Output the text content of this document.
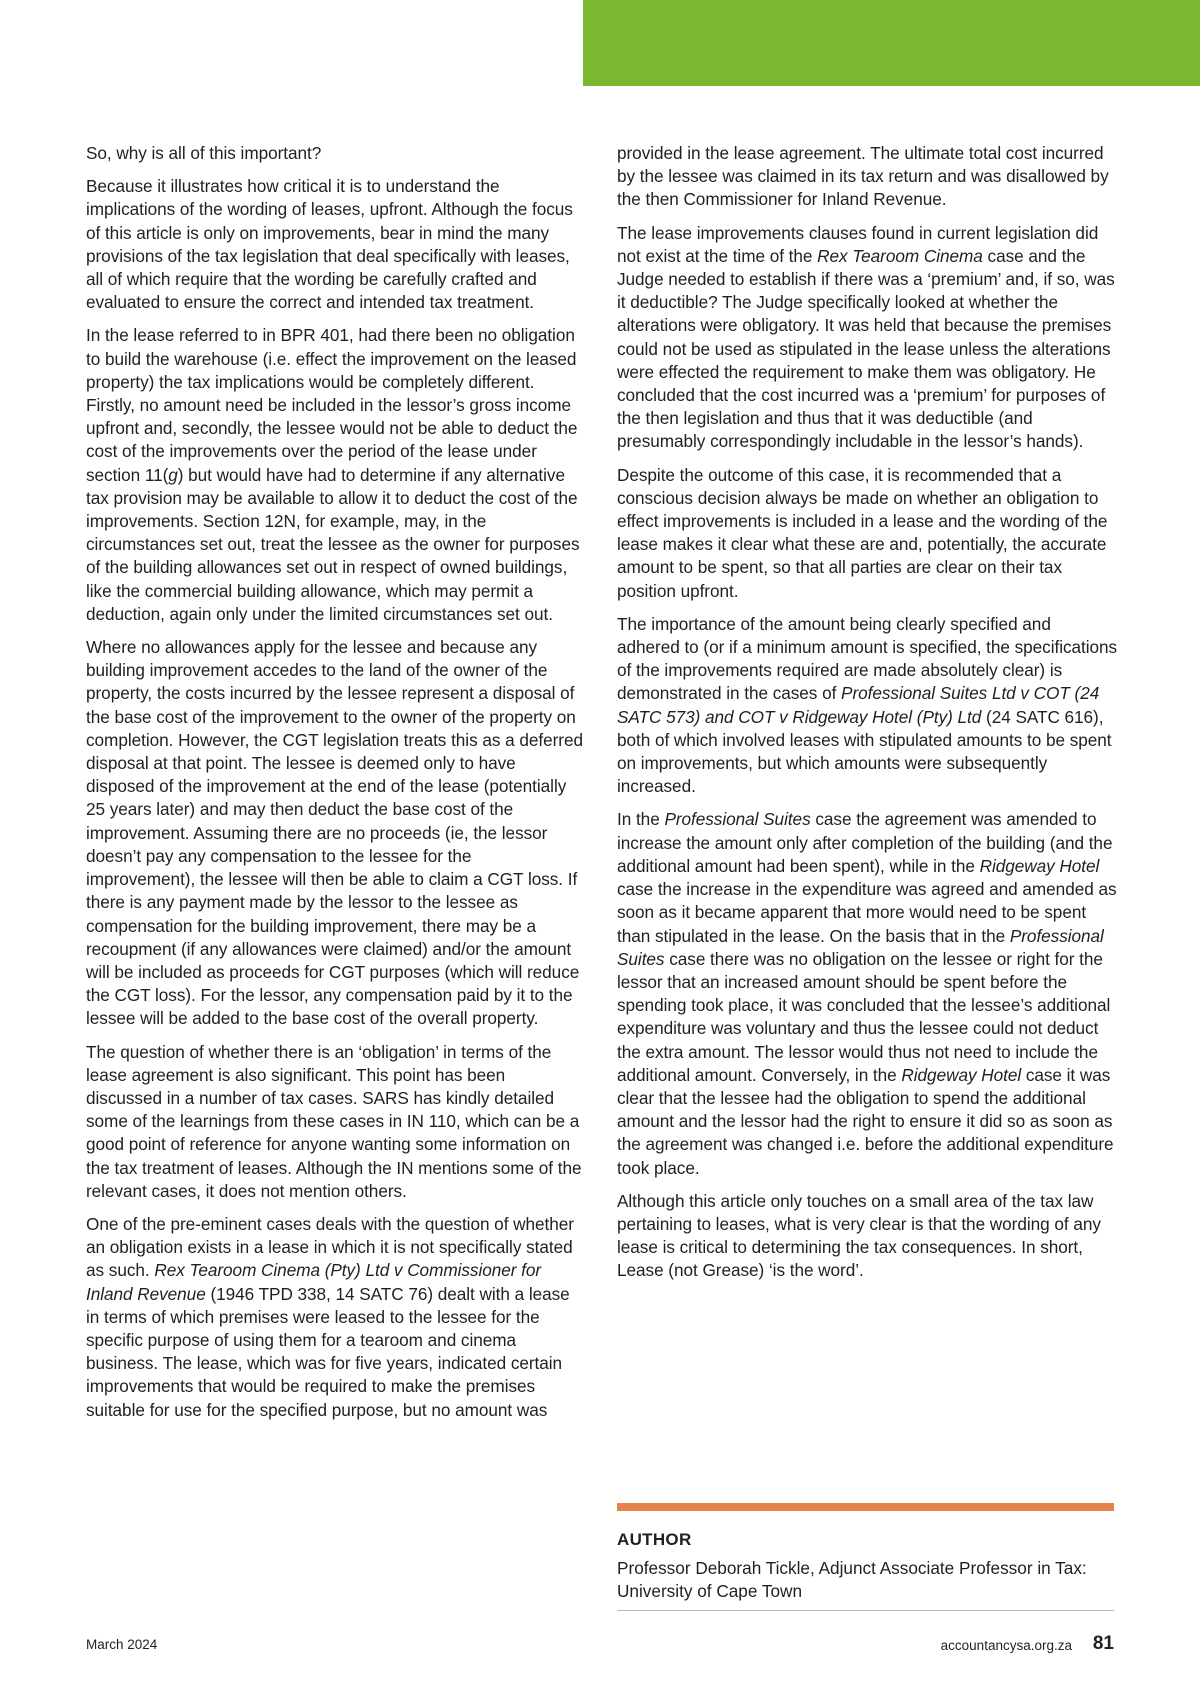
So, why is all of this important?

Because it illustrates how critical it is to understand the implications of the wording of leases, upfront. Although the focus of this article is only on improvements, bear in mind the many provisions of the tax legislation that deal specifically with leases, all of which require that the wording be carefully crafted and evaluated to ensure the correct and intended tax treatment.

In the lease referred to in BPR 401, had there been no obligation to build the warehouse (i.e. effect the improvement on the leased property) the tax implications would be completely different. Firstly, no amount need be included in the lessor’s gross income upfront and, secondly, the lessee would not be able to deduct the cost of the improvements over the period of the lease under section 11(g) but would have had to determine if any alternative tax provision may be available to allow it to deduct the cost of the improvements. Section 12N, for example, may, in the circumstances set out, treat the lessee as the owner for purposes of the building allowances set out in respect of owned buildings, like the commercial building allowance, which may permit a deduction, again only under the limited circumstances set out.

Where no allowances apply for the lessee and because any building improvement accedes to the land of the owner of the property, the costs incurred by the lessee represent a disposal of the base cost of the improvement to the owner of the property on completion. However, the CGT legislation treats this as a deferred disposal at that point. The lessee is deemed only to have disposed of the improvement at the end of the lease (potentially 25 years later) and may then deduct the base cost of the improvement. Assuming there are no proceeds (ie, the lessor doesn’t pay any compensation to the lessee for the improvement), the lessee will then be able to claim a CGT loss. If there is any payment made by the lessor to the lessee as compensation for the building improvement, there may be a recoupment (if any allowances were claimed) and/or the amount will be included as proceeds for CGT purposes (which will reduce the CGT loss). For the lessor, any compensation paid by it to the lessee will be added to the base cost of the overall property.

The question of whether there is an ‘obligation’ in terms of the lease agreement is also significant. This point has been discussed in a number of tax cases. SARS has kindly detailed some of the learnings from these cases in IN 110, which can be a good point of reference for anyone wanting some information on the tax treatment of leases. Although the IN mentions some of the relevant cases, it does not mention others.

One of the pre-eminent cases deals with the question of whether an obligation exists in a lease in which it is not specifically stated as such. Rex Tearoom Cinema (Pty) Ltd v Commissioner for Inland Revenue (1946 TPD 338, 14 SATC 76) dealt with a lease in terms of which premises were leased to the lessee for the specific purpose of using them for a tearoom and cinema business. The lease, which was for five years, indicated certain improvements that would be required to make the premises suitable for use for the specified purpose, but no amount was

provided in the lease agreement. The ultimate total cost incurred by the lessee was claimed in its tax return and was disallowed by the then Commissioner for Inland Revenue.

The lease improvements clauses found in current legislation did not exist at the time of the Rex Tearoom Cinema case and the Judge needed to establish if there was a ‘premium’ and, if so, was it deductible? The Judge specifically looked at whether the alterations were obligatory. It was held that because the premises could not be used as stipulated in the lease unless the alterations were effected the requirement to make them was obligatory. He concluded that the cost incurred was a ‘premium’ for purposes of the then legislation and thus that it was deductible (and presumably correspondingly includable in the lessor’s hands).

Despite the outcome of this case, it is recommended that a conscious decision always be made on whether an obligation to effect improvements is included in a lease and the wording of the lease makes it clear what these are and, potentially, the accurate amount to be spent, so that all parties are clear on their tax position upfront.

The importance of the amount being clearly specified and adhered to (or if a minimum amount is specified, the specifications of the improvements required are made absolutely clear) is demonstrated in the cases of Professional Suites Ltd v COT (24 SATC 573) and COT v Ridgeway Hotel (Pty) Ltd (24 SATC 616), both of which involved leases with stipulated amounts to be spent on improvements, but which amounts were subsequently increased.

In the Professional Suites case the agreement was amended to increase the amount only after completion of the building (and the additional amount had been spent), while in the Ridgeway Hotel case the increase in the expenditure was agreed and amended as soon as it became apparent that more would need to be spent than stipulated in the lease. On the basis that in the Professional Suites case there was no obligation on the lessee or right for the lessor that an increased amount should be spent before the spending took place, it was concluded that the lessee’s additional expenditure was voluntary and thus the lessee could not deduct the extra amount. The lessor would thus not need to include the additional amount. Conversely, in the Ridgeway Hotel case it was clear that the lessee had the obligation to spend the additional amount and the lessor had the right to ensure it did so as soon as the agreement was changed i.e. before the additional expenditure took place.

Although this article only touches on a small area of the tax law pertaining to leases, what is very clear is that the wording of any lease is critical to determining the tax consequences. In short, Lease (not Grease) ‘is the word’.

AUTHOR
Professor Deborah Tickle, Adjunct Associate Professor in Tax: University of Cape Town
March 2024	accountancysa.org.za 81
